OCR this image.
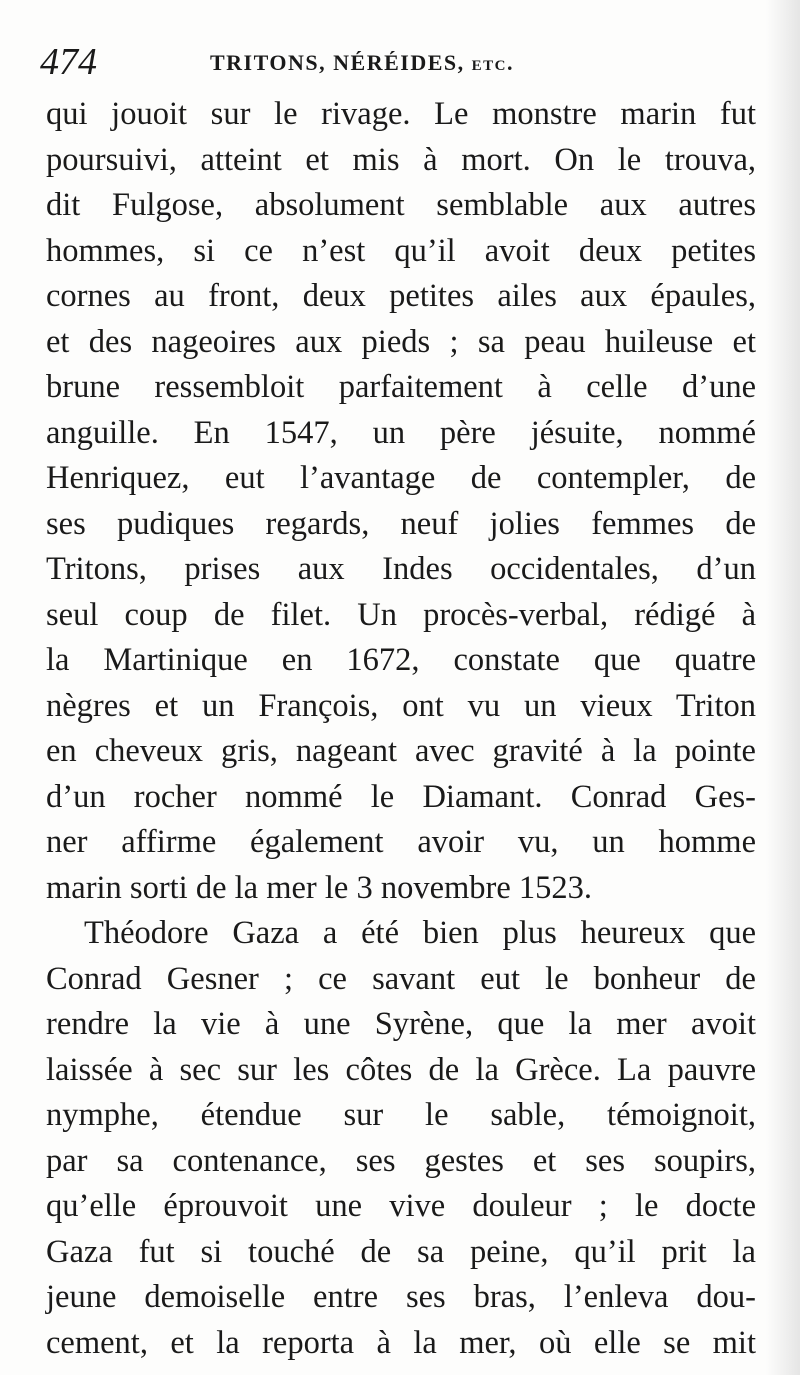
474	TRITONS, NÉRÉIDES, etc.
qui jouoit sur le rivage. Le monstre marin fut
poursuivi, atteint et mis à mort. On le trouva,
dit Fulgose, absolument semblable aux autres
hommes, si ce n’est qu’il avoit deux petites
cornes au front, deux petites ailes aux épaules,
et des nageoires aux pieds ; sa peau huileuse et
brune ressembloit parfaitement à celle d’une
anguille. En 1547, un père jésuite, nommé
Henriquez, eut l’avantage de contempler, de
ses pudiques regards, neuf jolies femmes de
Tritons, prises aux Indes occidentales, d’un
seul coup de filet. Un procès-verbal, rédigé à
la Martinique en 1672, constate que quatre
nègres et un François, ont vu un vieux Triton
en cheveux gris, nageant avec gravité à la pointe
d’un rocher nommé le Diamant. Conrad Ges-
ner affirme également avoir vu, un homme
marin sorti de la mer le 3 novembre 1523.
Théodore Gaza a été bien plus heureux que
Conrad Gesner ; ce savant eut le bonheur de
rendre la vie à une Syrène, que la mer avoit
laissée à sec sur les côtes de la Grèce. La pauvre
nymphe, étendue sur le sable, témoignoit,
par sa contenance, ses gestes et ses soupirs,
qu’elle éprouvoit une vive douleur ; le docte
Gaza fut si touché de sa peine, qu’il prit la
jeune demoiselle entre ses bras, l’enleva dou-
cement, et la reporta à la mer, où elle se mit
